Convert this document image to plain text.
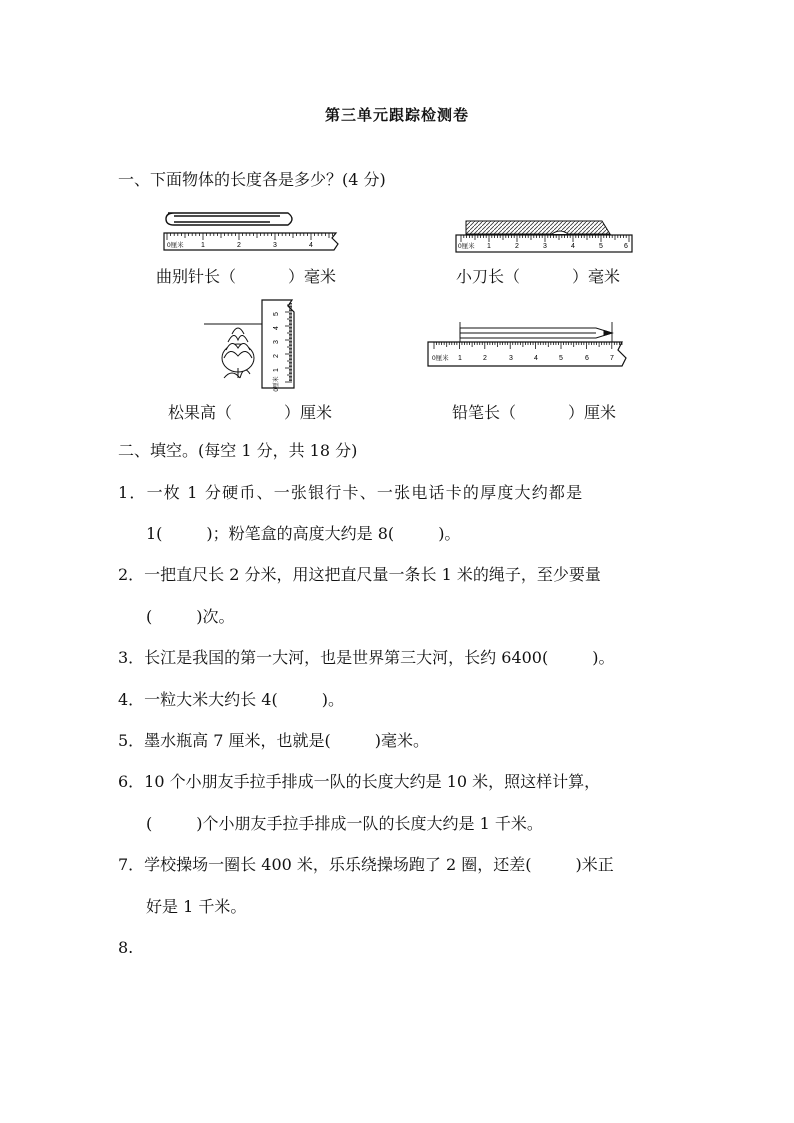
第三单元跟踪检测卷
一、下面物体的长度各是多少？(4 分)
0厘米 1	2	3	4
曲别针长（	）毫米
0厘米 1	2	3	4	5	6
小刀长（	）毫米
0厘米
1
2
3
4
5
松果高（	）厘米
0厘米 1	2	3	4	5	6	7
铅笔长（	）厘米
二、填空。(每空 1 分，共 18 分)
1．一枚 1 分硬币、一张银行卡、一张电话卡的厚度大约都是
1(	)；粉笔盒的高度大约是 8(	)。
2．一把直尺长 2 分米，用这把直尺量一条长 1 米的绳子，至少要量
(	)次。
3．长江是我国的第一大河，也是世界第三大河，长约 6400(	)。
4．一粒大米大约长 4(	)。
5．墨水瓶高 7 厘米，也就是(	)毫米。
6．10 个小朋友手拉手排成一队的长度大约是 10 米，照这样计算，
(	)个小朋友手拉手排成一队的长度大约是 1 千米。
7．学校操场一圈长 400 米，乐乐绕操场跑了 2 圈，还差(	)米正
好是 1 千米。
8.
